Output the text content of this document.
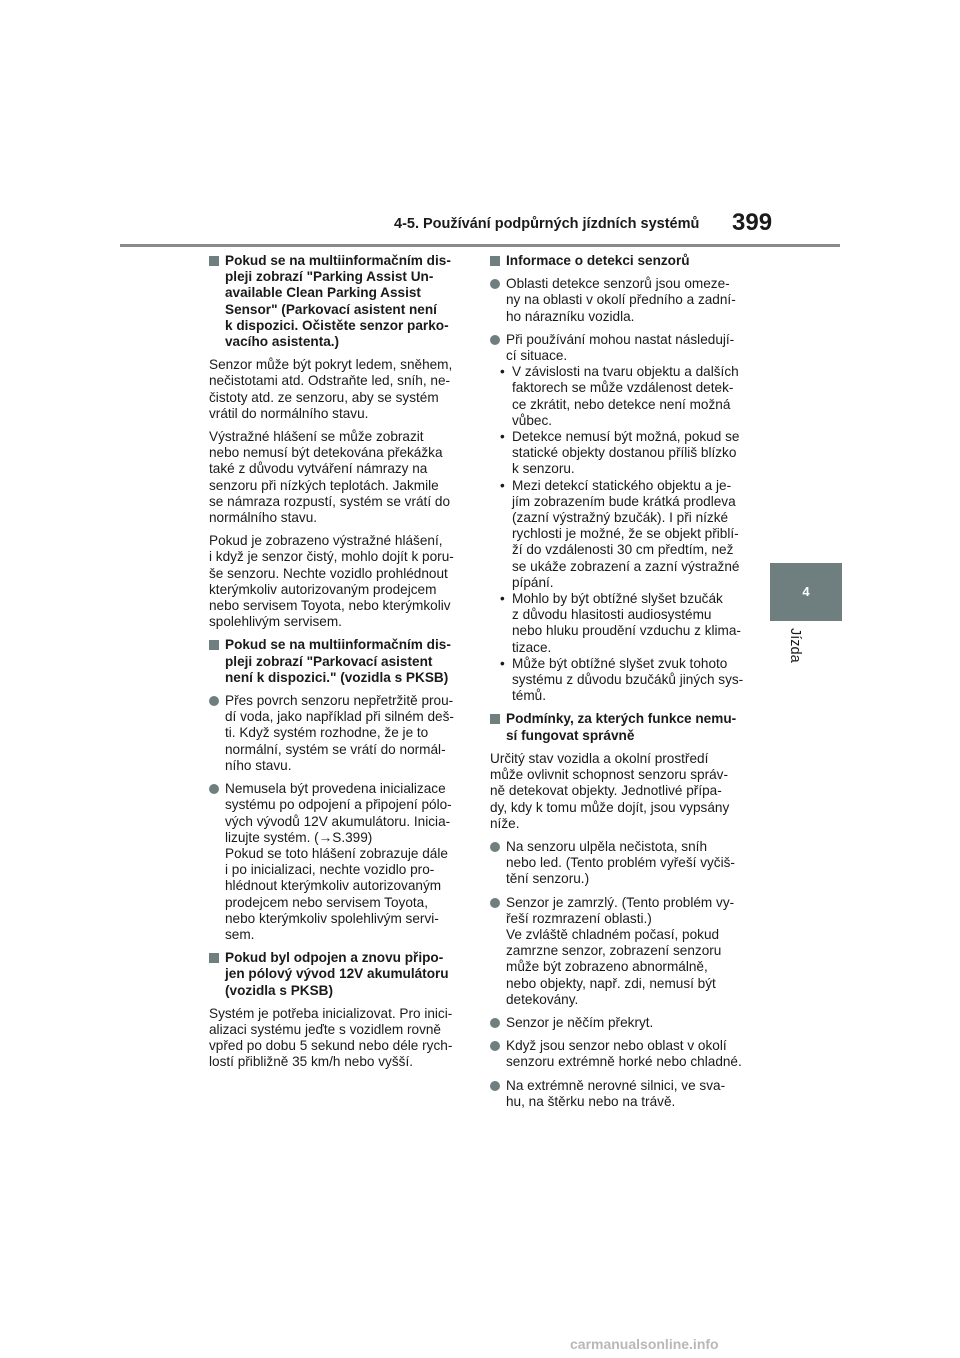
4-5. Používání podpůrných jízdních systémů 399
4
Jízda
Pokud se na multiinformačním dis-
pleji zobrazí "Parking Assist Un-
available Clean Parking Assist
Sensor" (Parkovací asistent není
k dispozici. Očistěte senzor parko-
vacího asistenta.)
Senzor může být pokryt ledem, sněhem,
nečistotami atd. Odstraňte led, sníh, ne-
čistoty atd. ze senzoru, aby se systém
vrátil do normálního stavu.
Výstražné hlášení se může zobrazit
nebo nemusí být detekována překážka
také z důvodu vytváření námrazy na
senzoru při nízkých teplotách. Jakmile
se námraza rozpustí, systém se vrátí do
normálního stavu.
Pokud je zobrazeno výstražné hlášení,
i když je senzor čistý, mohlo dojít k poru-
še senzoru. Nechte vozidlo prohlédnout
kterýmkoliv autorizovaným prodejcem
nebo servisem Toyota, nebo kterýmkoliv
spolehlivým servisem.
Pokud se na multiinformačním dis-
pleji zobrazí "Parkovací asistent
není k dispozici." (vozidla s PKSB)
Přes povrch senzoru nepřetržitě prou-
dí voda, jako například při silném deš-
ti. Když systém rozhodne, že je to
normální, systém se vrátí do normál-
ního stavu.
Nemusela být provedena inicializace
systému po odpojení a připojení pólo-
vých vývodů 12V akumulátoru. Inicia-
lizujte systém. (→S.399)
Pokud se toto hlášení zobrazuje dále
i po inicializaci, nechte vozidlo pro-
hlédnout kterýmkoliv autorizovaným
prodejcem nebo servisem Toyota,
nebo kterýmkoliv spolehlivým servi-
sem.
Pokud byl odpojen a znovu připo-
jen pólový vývod 12V akumulátoru
(vozidla s PKSB)
Systém je potřeba inicializovat. Pro inici-
alizaci systému jeďte s vozidlem rovně
vpřed po dobu 5 sekund nebo déle rych-
lostí přibližně 35 km/h nebo vyšší.
Informace o detekci senzorů
Oblasti detekce senzorů jsou omeze-
ny na oblasti v okolí předního a zadní-
ho nárazníku vozidla.
Při používání mohou nastat následují-
cí situace.
• V závislosti na tvaru objektu a dalších
faktorech se může vzdálenost detek-
ce zkrátit, nebo detekce není možná
vůbec.
• Detekce nemusí být možná, pokud se
statické objekty dostanou příliš blízko
k senzoru.
• Mezi detekcí statického objektu a je-
jím zobrazením bude krátká prodleva
(zazní výstražný bzučák). I při nízké
rychlosti je možné, že se objekt přiblí-
ží do vzdálenosti 30 cm předtím, než
se ukáže zobrazení a zazní výstražné
pípání.
• Mohlo by být obtížné slyšet bzučák
z důvodu hlasitosti audiosystému
nebo hluku proudění vzduchu z klima-
tizace.
• Může být obtížné slyšet zvuk tohoto
systému z důvodu bzučáků jiných sys-
témů.
Podmínky, za kterých funkce nemu-
sí fungovat správně
Určitý stav vozidla a okolní prostředí
může ovlivnit schopnost senzoru správ-
ně detekovat objekty. Jednotlivé přípa-
dy, kdy k tomu může dojít, jsou vypsány
níže.
Na senzoru ulpěla nečistota, sníh
nebo led. (Tento problém vyřeší vyčiš-
tění senzoru.)
Senzor je zamrzlý. (Tento problém vy-
řeší rozmrazení oblasti.)
Ve zvláště chladném počasí, pokud
zamrzne senzor, zobrazení senzoru
může být zobrazeno abnormálně,
nebo objekty, např. zdi, nemusí být
detekovány.
Senzor je něčím překryt.
Když jsou senzor nebo oblast v okolí
senzoru extrémně horké nebo chladné.
Na extrémně nerovné silnici, ve sva-
hu, na štěrku nebo na trávě.
carmanualsonline.info
